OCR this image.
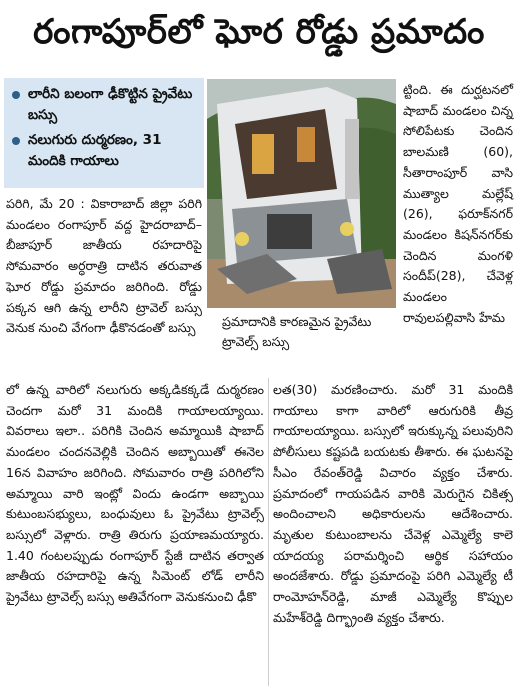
రంగాపూర్‌లో ఘోర రోడ్డు ప్రమాదం
లారీని బలంగా ఢీకొట్టిన ప్రైవేటు బస్సు
నలుగురు దుర్మరణం, 31 మందికి గాయాలు
ప్రమాదానికి కారణమైన ప్రైవేటు ట్రావెల్స్‌ బస్సు

ట్టింది. ఈ దుర్ఘటనలో షాబాద్‌ మండలం చిన్న సోలిపేటకు చెందిన బాలమణి (60), సీతారాంపూర్‌ వాసి ముత్యాల మల్లేష్‌ (26), ఫరూక్‌నగర్‌ మండలం కిషన్‌నగర్‌కు చెందిన మంగళి సందీప్‌(28), చేవెళ్ల మండలం రావులపల్లివాసి హేమ

పరిగి, మే 20 : వికారాబాద్‌ జిల్లా పరిగి మండలం రంగాపూర్‌ వద్ద హైదరాబాద్‌– బీజాపూర్‌ జాతీయ రహదారిపై సోమవారం అర్ధరాత్రి దాటిన తరువాత ఘోర రోడ్డు ప్రమాదం జరిగింది. రోడ్డు పక్కన ఆగి ఉన్న లారీని ట్రావెల్‌ బస్సు వెనుక నుంచి వేగంగా ఢీకొనడంతో బస్సు

లో ఉన్న వారిలో నలుగురు అక్కడికక్కడే దుర్మరణం చెందగా మరో 31 మందికి గాయాలయ్యాయి. వివరాలు ఇలా.. పరిగికి చెందిన అమ్మాయికి షాబాద్‌ మండలం చందనవెల్లికి చెందిన అబ్బాయితో ఈనెల 16న వివాహం జరిగింది. సోమవారం రాత్రి పరిగిలోని అమ్మాయి వారి ఇంట్లో విందు ఉండగా అబ్బాయి కుటుంబసభ్యులు, బంధువులు ఓ ప్రైవేటు ట్రావెల్స్‌ బస్సులో వెళ్లారు. రాత్రి తిరుగు ప్రయాణమయ్యారు. 1.40 గంటలప్పుడు రంగాపూర్‌ స్టేజీ దాటిన తర్వాత జాతీయ రహదారిపై ఉన్న సిమెంట్‌ లోడ్‌ లారీని ప్రైవేటు ట్రావెల్స్‌ బస్సు అతివేగంగా వెనుకనుంచి ఢీకొ

లత(30) మరణించారు. మరో 31 మందికి గాయాలు కాగా వారిలో ఆరుగురికి తీవ్ర గాయాలయ్యాయి. బస్సులో ఇరుక్కున్న పలువురిని పోలీసులు కష్టపడి బయటకు తీశారు. ఈ ఘటనపై సీఎం రేవంత్‌రెడ్డి విచారం వ్యక్తం చేశారు. ప్రమాదంలో గాయపడిన వారికి మెరుగైన చికిత్స అందించాలని అధికారులను ఆదేశించారు. మృతుల కుటుంబాలను చేవెళ్ల ఎమ్మెల్యే కాలె యాదయ్య పరామర్శించి ఆర్థిక సహాయం అందజేశారు. రోడ్డు ప్రమాదంపై పరిగి ఎమ్మెల్యే టీ రాంమోహన్‌రెడ్డి, మాజీ ఎమ్మెల్యే కొప్పుల మహేశ్‌రెడ్డి దిగ్భ్రాంతి వ్యక్తం చేశారు.
